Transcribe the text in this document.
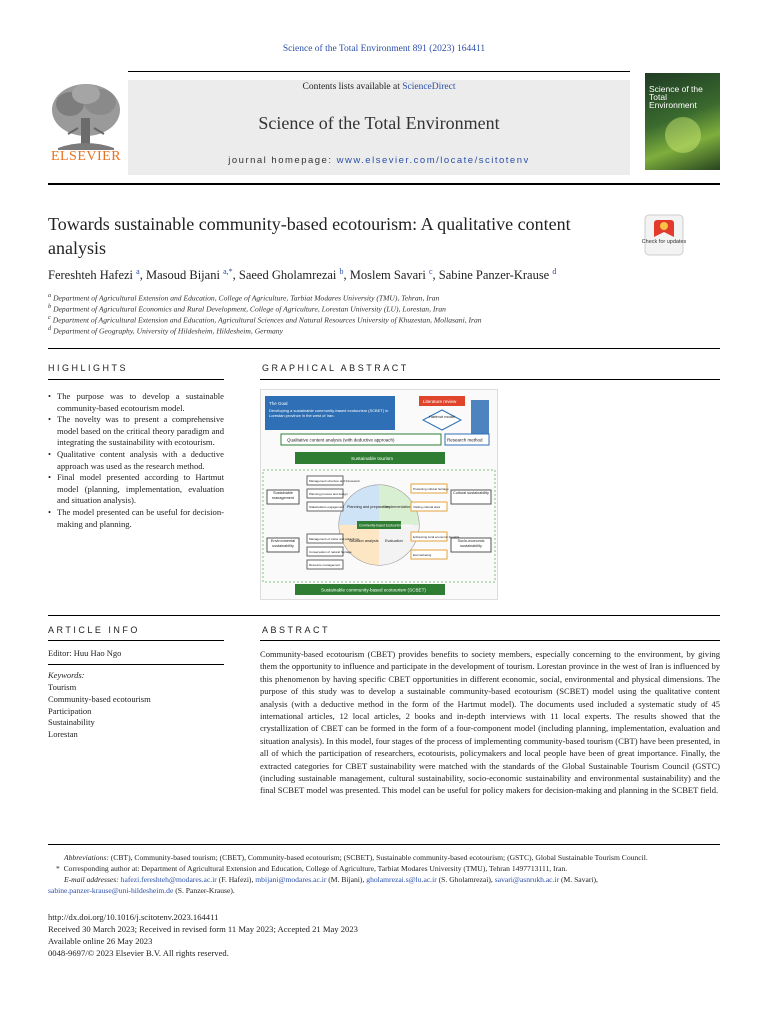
Science of the Total Environment 891 (2023) 164411
Contents lists available at ScienceDirect
Science of the Total Environment
journal homepage: www.elsevier.com/locate/scitotenv
ELSEVIER
Science of the Total Environment
Towards sustainable community-based ecotourism: A qualitative content analysis	Check for updates
Fereshteh Hafezi $^a$, Masoud Bijani $^{a,*}$, Saeed Gholamrezai $^b$, Moslem Savari $^c$, Sabine Panzer-Krause $^d$
$^a$ Department of Agricultural Extension and Education, College of Agriculture, Tarbiat Modares University (TMU), Tehran, Iran
$^b$ Department of Agricultural Economics and Rural Development, College of Agriculture, Lorestan University (LU), Lorestan, Iran
$^c$ Department of Agricultural Extension and Education, Agricultural Sciences and Natural Resources University of Khuzestan, Mollasani, Iran
$^d$ Department of Geography, University of Hildesheim, Hildesheim, Germany
HIGHLIGHTS
• The purpose was to develop a sustainable community-based ecotourism model.
• The novelty was to present a comprehensive model based on the critical theory paradigm and integrating the sustainability with ecotourism.
• Qualitative content analysis with a deductive approach was used as the research method.
• Final model presented according to Hartmut model (planning, implementation, evaluation and situation analysis).
• The model presented can be useful for decision-making and planning.
GRAPHICAL ABSTRACT
The Goal
Developing a sustainable community-based ecotourism (SCBET) in Lorestan province in the west of Iran.
Literature review
Hartmut model
Qualitative content analysis (with deductive approach)	Research method
Sustainable tourism
Sustainable management
Cultural sustainability
Environmental sustainability
Socio-economic sustainability
Planning and preparation
Implementation
Situation analysis Evaluation
Community-based Ecotourism (CBET)
Management structure and framework
Planning process and design
Stakeholders engagement
Management of visitor and attractions
Conservation of natural heritage
Resource management
Protecting cultural heritage
Visiting cultural sites
Enhancing local economic benefits
Ecomarketing
Sustainable community-based ecotourism (SCBET)
ARTICLE INFO
Editor: Huu Hao Ngo
Keywords:
Tourism
Community-based ecotourism
Participation
Sustainability
Lorestan
ABSTRACT
Community-based ecotourism (CBET) provides benefits to society members, especially concerning to the environment, by giving them the opportunity to influence and participate in the development of tourism. Lorestan province in the west of Iran is influenced by this phenomenon by having specific CBET opportunities in different economic, social, environmental and physical dimensions. The purpose of this study was to develop a sustainable community-based ecotourism (SCBET) model using the qualitative content analysis (with a deductive method in the form of the Hartmut model). The documents used included a systematic study of 45 international articles, 12 local articles, 2 books and in-depth interviews with 11 local experts. The results showed that the crystallization of CBET can be formed in the form of a four-component model (including planning, implementation, evaluation and situation analysis). In this model, four stages of the process of implementing community-based tourism (CBT) have been presented, in all of which the participation of researchers, ecotourists, policymakers and local people have been of great importance. Finally, the extracted categories for CBET sustainability were matched with the standards of the Global Sustainable Tourism Council (GSTC) (including sustainable management, cultural sustainability, socio-economic sustainability and environmental sustainability) and the final SCBET model was presented. This model can be useful for policy makers for decision-making and planning in the SCBET field.
Abbreviations: (CBT), Community-based tourism; (CBET), Community-based ecotourism; (SCBET), Sustainable community-based ecotourism; (GSTC), Global Sustainable Tourism Council.
*  Corresponding author at: Department of Agricultural Extension and Education, College of Agriculture, Tarbiat Modares University (TMU), Tehran 1497713111, Iran.
E-mail addresses: hafezi.fereshteh@modares.ac.ir (F. Hafezi), mbijani@modares.ac.ir (M. Bijani), gholamrezai.s@lu.ac.ir (S. Gholamrezai), savari@asnrukh.ac.ir (M. Savari),
sabine.panzer-krause@uni-hildesheim.de (S. Panzer-Krause).
http://dx.doi.org/10.1016/j.scitotenv.2023.164411
Received 30 March 2023; Received in revised form 11 May 2023; Accepted 21 May 2023
Available online 26 May 2023
0048-9697/© 2023 Elsevier B.V. All rights reserved.
